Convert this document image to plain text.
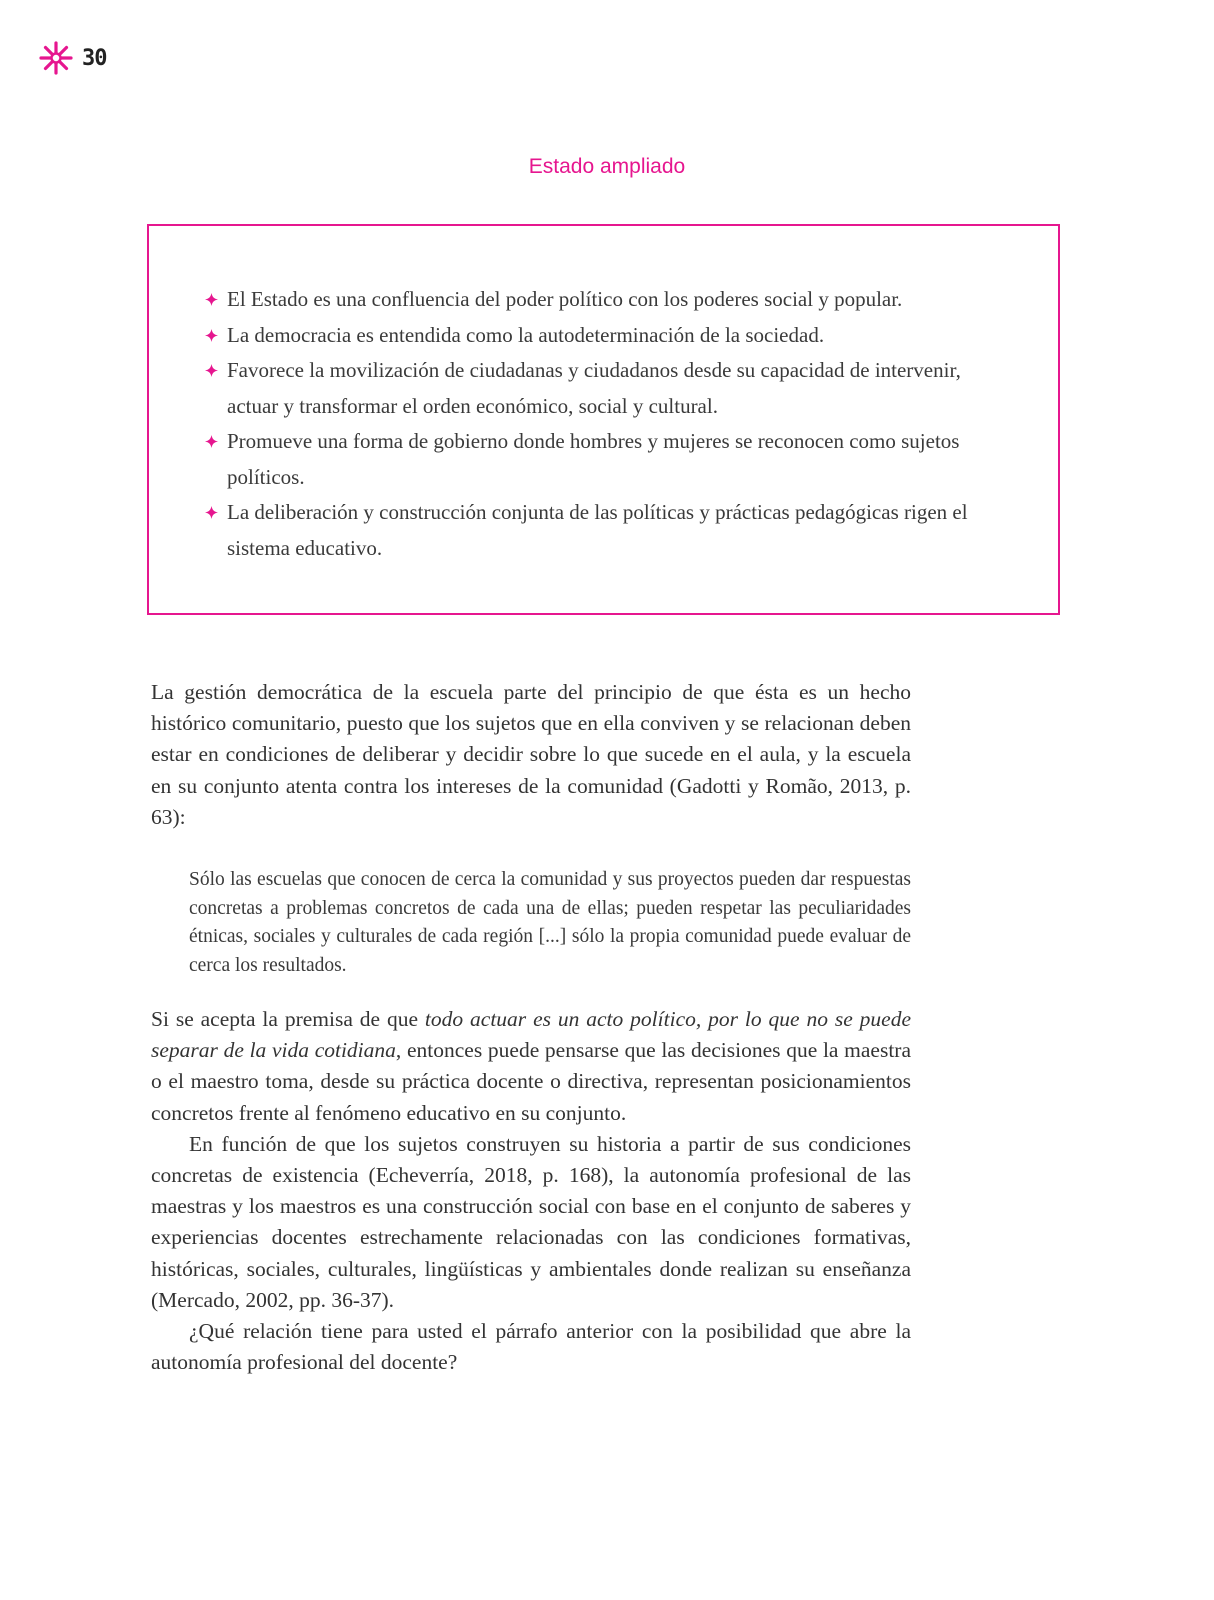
30
Estado ampliado
El Estado es una confluencia del poder político con los poderes social y popular.
La democracia es entendida como la autodeterminación de la sociedad.
Favorece la movilización de ciudadanas y ciudadanos desde su capacidad de intervenir, actuar y transformar el orden económico, social y cultural.
Promueve una forma de gobierno donde hombres y mujeres se reconocen como sujetos políticos.
La deliberación y construcción conjunta de las políticas y prácticas pedagógicas rigen el sistema educativo.

La gestión democrática de la escuela parte del principio de que ésta es un hecho histórico comunitario, puesto que los sujetos que en ella conviven y se relacionan deben estar en condiciones de deliberar y decidir sobre lo que sucede en el aula, y la escuela en su conjunto atenta contra los intereses de la comunidad (Gadotti y Romão, 2013, p. 63):

Sólo las escuelas que conocen de cerca la comunidad y sus proyectos pueden dar respuestas concretas a problemas concretos de cada una de ellas; pueden respetar las peculiaridades étnicas, sociales y culturales de cada región [...] sólo la propia comunidad puede evaluar de cerca los resultados.

Si se acepta la premisa de que todo actuar es un acto político, por lo que no se puede separar de la vida cotidiana, entonces puede pensarse que las decisiones que la maestra o el maestro toma, desde su práctica docente o directiva, representan posicionamientos concretos frente al fenómeno educativo en su conjunto.

En función de que los sujetos construyen su historia a partir de sus condiciones concretas de existencia (Echeverría, 2018, p. 168), la autonomía profesional de las maestras y los maestros es una construcción social con base en el conjunto de saberes y experiencias docentes estrechamente relacionadas con las condiciones formativas, históricas, sociales, culturales, lingüísticas y ambientales donde realizan su enseñanza (Mercado, 2002, pp. 36-37).

¿Qué relación tiene para usted el párrafo anterior con la posibilidad que abre la autonomía profesional del docente?
